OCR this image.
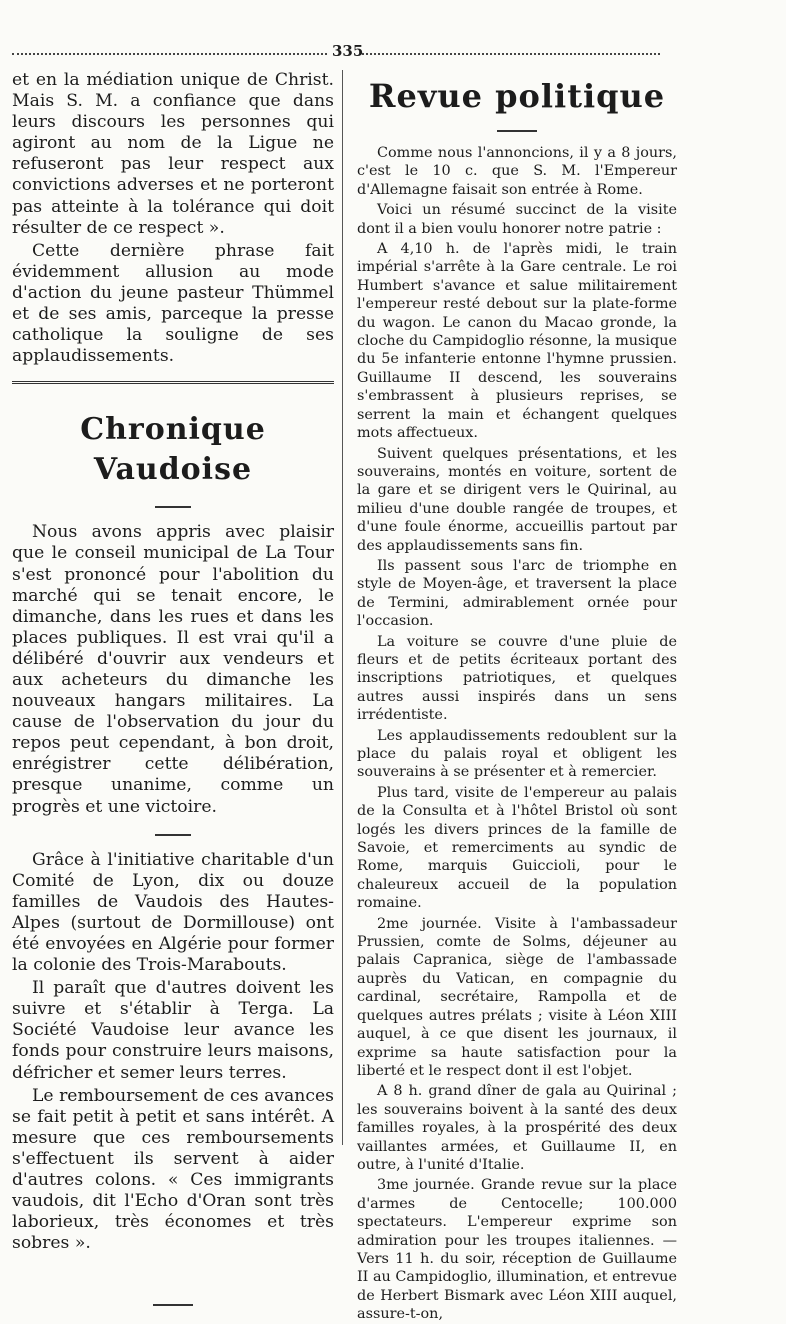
335

et en la médiation unique de Christ. Mais S. M. a confiance que dans leurs discours les personnes qui agiront au nom de la Ligue ne refuseront pas leur respect aux convictions adverses et ne porteront pas atteinte à la tolérance qui doit résulter de ce respect ».

Cette dernière phrase fait évidemment allusion au mode d'action du jeune pasteur Thümmel et de ses amis, parceque la presse catholique la souligne de ses applaudissements.

Chronique Vaudoise

Nous avons appris avec plaisir que le conseil municipal de La Tour s'est prononcé pour l'abolition du marché qui se tenait encore, le dimanche, dans les rues et dans les places publiques. Il est vrai qu'il a délibéré d'ouvrir aux vendeurs et aux acheteurs du dimanche les nouveaux hangars militaires. La cause de l'observation du jour du repos peut cependant, à bon droit, enrégistrer cette délibération, presque unanime, comme un progrès et une victoire.

Grâce à l'initiative charitable d'un Comité de Lyon, dix ou douze familles de Vaudois des Hautes-Alpes (surtout de Dormillouse) ont été envoyées en Algérie pour former la colonie des Trois-Marabouts.

Il paraît que d'autres doivent les suivre et s'établir à Terga. La Société Vaudoise leur avance les fonds pour construire leurs maisons, défricher et semer leurs terres.

Le remboursement de ces avances se fait petit à petit et sans intérêt. A mesure que ces remboursements s'effectuent ils servent à aider d'autres colons. « Ces immigrants vaudois, dit l'Echo d'Oran sont très laborieux, très économes et très sobres ».

Revue politique

Comme nous l'annoncions, il y a 8 jours, c'est le 10 c. que S. M. l'Empereur d'Allemagne faisait son entrée à Rome.

Voici un résumé succinct de la visite dont il a bien voulu honorer notre patrie :

A 4,10 h. de l'après midi, le train impérial s'arrête à la Gare centrale. Le roi Humbert s'avance et salue militairement l'empereur resté debout sur la plate-forme du wagon. Le canon du Macao gronde, la cloche du Campidoglio résonne, la musique du 5e infanterie entonne l'hymne prussien. Guillaume II descend, les souverains s'embrassent à plusieurs reprises, se serrent la main et échangent quelques mots affectueux.

Suivent quelques présentations, et les souverains, montés en voiture, sortent de la gare et se dirigent vers le Quirinal, au milieu d'une double rangée de troupes, et d'une foule énorme, accueillis partout par des applaudissements sans fin.

Ils passent sous l'arc de triomphe en style de Moyen-âge, et traversent la place de Termini, admirablement ornée pour l'occasion.

La voiture se couvre d'une pluie de fleurs et de petits écriteaux portant des inscriptions patriotiques, et quelques autres aussi inspirés dans un sens irrédentiste.

Les applaudissements redoublent sur la place du palais royal et obligent les souverains à se présenter et à remercier.

Plus tard, visite de l'empereur au palais de la Consulta et à l'hôtel Bristol où sont logés les divers princes de la famille de Savoie, et remerciments au syndic de Rome, marquis Guiccioli, pour le chaleureux accueil de la population romaine.

2me journée. Visite à l'ambassadeur Prussien, comte de Solms, déjeuner au palais Capranica, siège de l'ambassade auprès du Vatican, en compagnie du cardinal, secrétaire, Rampolla et de quelques autres prélats ; visite à Léon XIII auquel, à ce que disent les journaux, il exprime sa haute satisfaction pour la liberté et le respect dont il est l'objet.

A 8 h. grand dîner de gala au Quirinal ; les souverains boivent à la santé des deux familles royales, à la prospérité des deux vaillantes armées, et Guillaume II, en outre, à l'unité d'Italie.

3me journée. Grande revue sur la place d'armes de Centocelle; 100.000 spectateurs. L'empereur exprime son admiration pour les troupes italiennes. — Vers 11 h. du soir, réception de Guillaume II au Campidoglio, illumination, et entrevue de Herbert Bismark avec Léon XIII auquel, assure-t-on,
